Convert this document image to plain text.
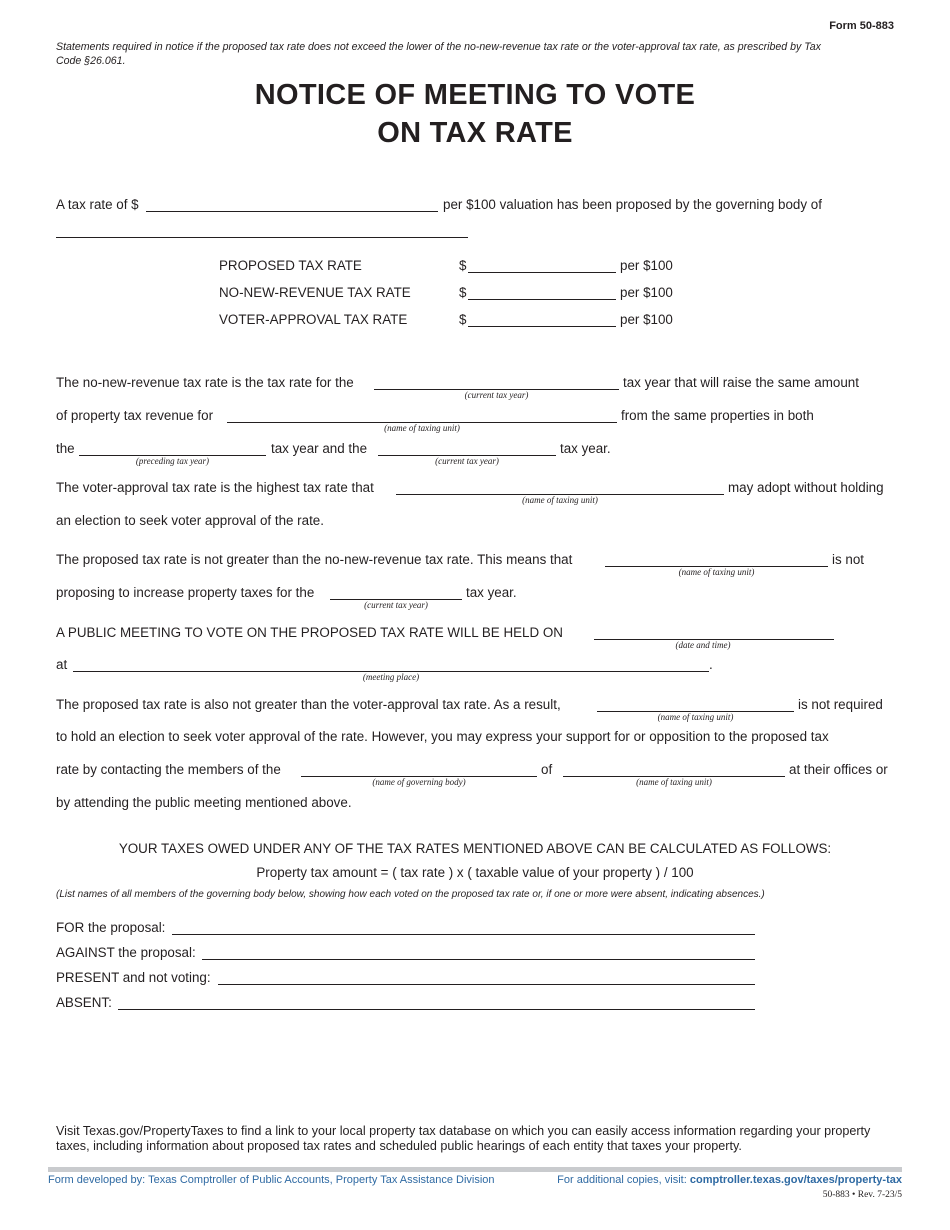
Form 50-883
Statements required in notice if the proposed tax rate does not exceed the lower of the no-new-revenue tax rate or the voter-approval tax rate, as prescribed by Tax Code §26.061.
NOTICE OF MEETING TO VOTE
ON TAX RATE
A tax rate of $	per $100 valuation has been proposed by the governing body of
PROPOSED TAX RATE	$	per $100
NO-NEW-REVENUE TAX RATE	$	per $100
VOTER-APPROVAL TAX RATE	$	per $100
The no-new-revenue tax rate is the tax rate for the
(current tax year)
tax year that will raise the same amount
of property tax revenue for
(name of taxing unit)
from the same properties in both
the
(preceding tax year)
tax year and the
(current tax year)
tax year.
The voter-approval tax rate is the highest tax rate that
(name of taxing unit)
may adopt without holding
an election to seek voter approval of the rate.
The proposed tax rate is not greater than the no-new-revenue tax rate. This means that
(name of taxing unit)
is not
proposing to increase property taxes for the
(current tax year)
tax year.
A PUBLIC MEETING TO VOTE ON THE PROPOSED TAX RATE WILL BE HELD ON
(date and time)
at
(meeting place)
.
The proposed tax rate is also not greater than the voter-approval tax rate. As a result,
(name of taxing unit)
is not required
to hold an election to seek voter approval of the rate. However, you may express your support for or opposition to the proposed tax
rate by contacting the members of the
(name of governing body)
of
(name of taxing unit)
at their offices or
by attending the public meeting mentioned above.
YOUR TAXES OWED UNDER ANY OF THE TAX RATES MENTIONED ABOVE CAN BE CALCULATED AS FOLLOWS:
Property tax amount = ( tax rate ) x ( taxable value of your property ) / 100
(List names of all members of the governing body below, showing how each voted on the proposed tax rate or, if one or more were absent, indicating absences.)
FOR the proposal:
AGAINST the proposal:
PRESENT and not voting:
ABSENT:
Visit Texas.gov/PropertyTaxes to find a link to your local property tax database on which you can easily access information regarding your property taxes, including information about proposed tax rates and scheduled public hearings of each entity that taxes your property.
Form developed by: Texas Comptroller of Public Accounts, Property Tax Assistance Division	For additional copies, visit: comptroller.texas.gov/taxes/property-tax
50-883 • Rev. 7-23/5
